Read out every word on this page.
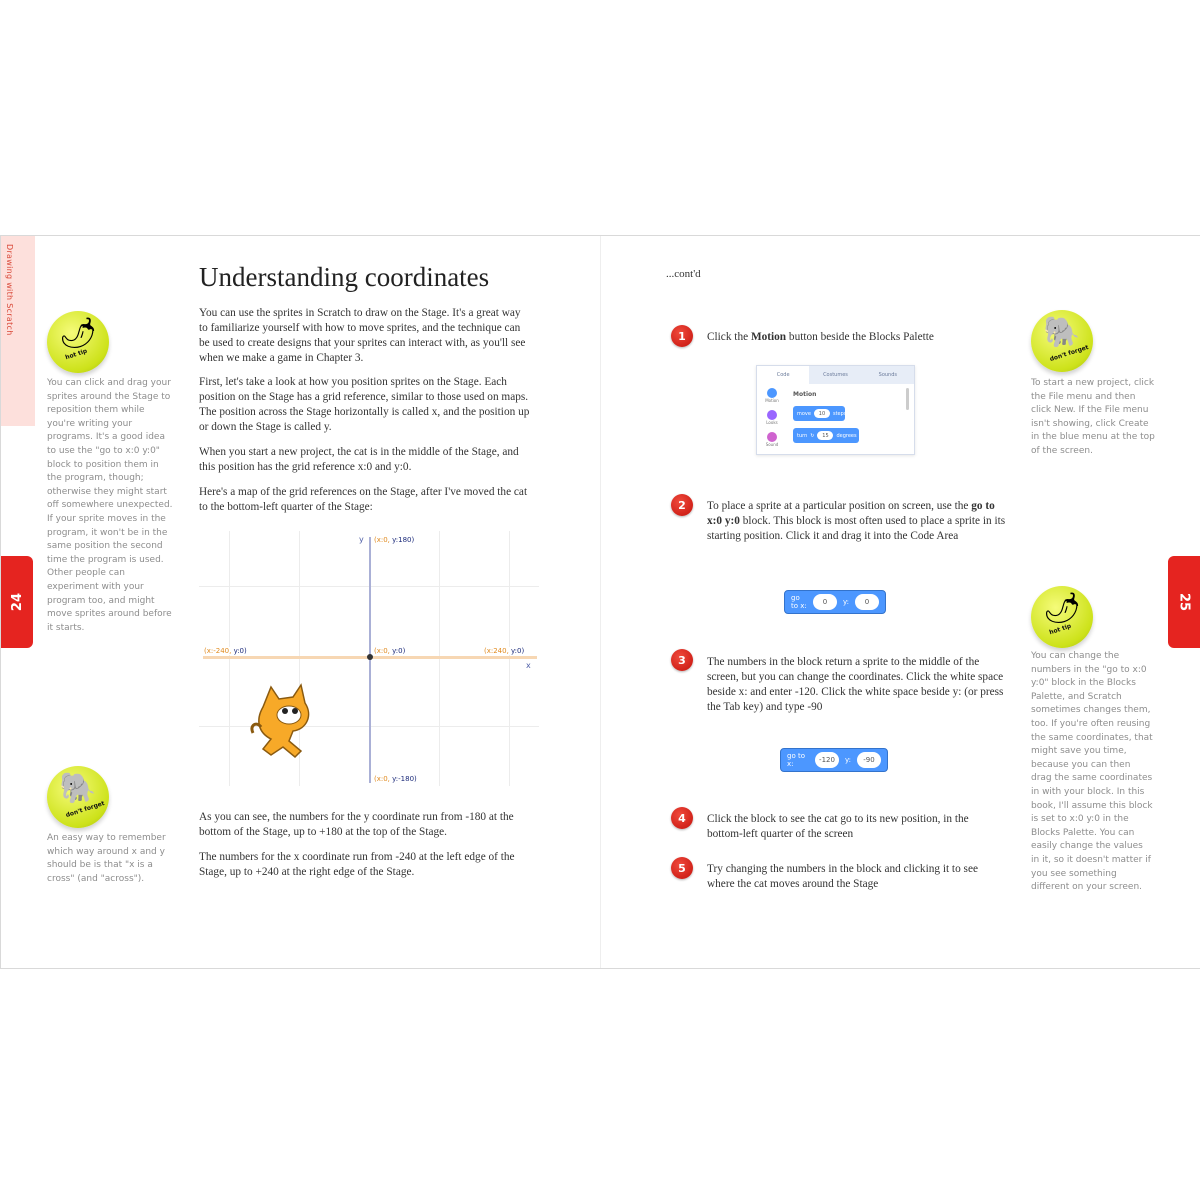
Drawing with Scratch
24
🌶
hot tip
You can click and drag your sprites around the Stage to reposition them while you're writing your programs. It's a good idea to use the "go to x:0 y:0" block to position them in the program, though; otherwise they might start off somewhere unexpected. If your sprite moves in the program, it won't be in the same position the second time the program is used. Other people can experiment with your program too, and might move sprites around before it starts.
🐘
don't forget
An easy way to remember which way around x and y should be is that "x is a cross" (and "across").
Understanding coordinates
You can use the sprites in Scratch to draw on the Stage. It's a great way to familiarize yourself with how to move sprites, and the technique can be used to create designs that your sprites can interact with, as you'll see when we make a game in Chapter 3.
First, let's take a look at how you position sprites on the Stage. Each position on the Stage has a grid reference, similar to those used on maps. The position across the Stage horizontally is called x, and the position up or down the Stage is called y.
When you start a new project, the cat is in the middle of the Stage, and this position has the grid reference x:0 and y:0.
Here's a map of the grid references on the Stage, after I've moved the cat to the bottom-left quarter of the Stage:
y
x
(x:0, y:180)
(x:-240, y:0)	(x:0, y:0)	(x:240, y:0)
(x:0, y:-180)
As you can see, the numbers for the y coordinate run from -180 at the bottom of the Stage, up to +180 at the top of the Stage.
The numbers for the x coordinate run from -240 at the left edge of the Stage, up to +240 at the right edge of the Stage.
...cont'd
1	Click the Motion button beside the Blocks Palette
Code	Costumes	Sounds
Motion
Looks
Sound
Motion
move	10	steps
turn ↻	15	degrees
2	To place a sprite at a particular position on screen, use the go to x:0 y:0 block. This block is most often used to place a sprite in its starting position. Click it and drag it into the Code Area
go to x:	0	y:	0
3	The numbers in the block return a sprite to the middle of the screen, but you can change the coordinates. Click the white space beside x: and enter -120. Click the white space beside y: (or press the Tab key) and type -90
go to x:	-120	y:	-90
4	Click the block to see the cat go to its new position, in the bottom-left quarter of the screen
5	Try changing the numbers in the block and clicking it to see where the cat moves around the Stage
🐘
don't forget
To start a new project, click the File menu and then click New. If the File menu isn't showing, click Create in the blue menu at the top of the screen.
🌶
hot tip
You can change the numbers in the "go to x:0 y:0" block in the Blocks Palette, and Scratch sometimes changes them, too. If you're often reusing the same coordinates, that might save you time, because you can then drag the same coordinates in with your block. In this book, I'll assume this block is set to x:0 y:0 in the Blocks Palette. You can easily change the values in it, so it doesn't matter if you see something different on your screen.
25
